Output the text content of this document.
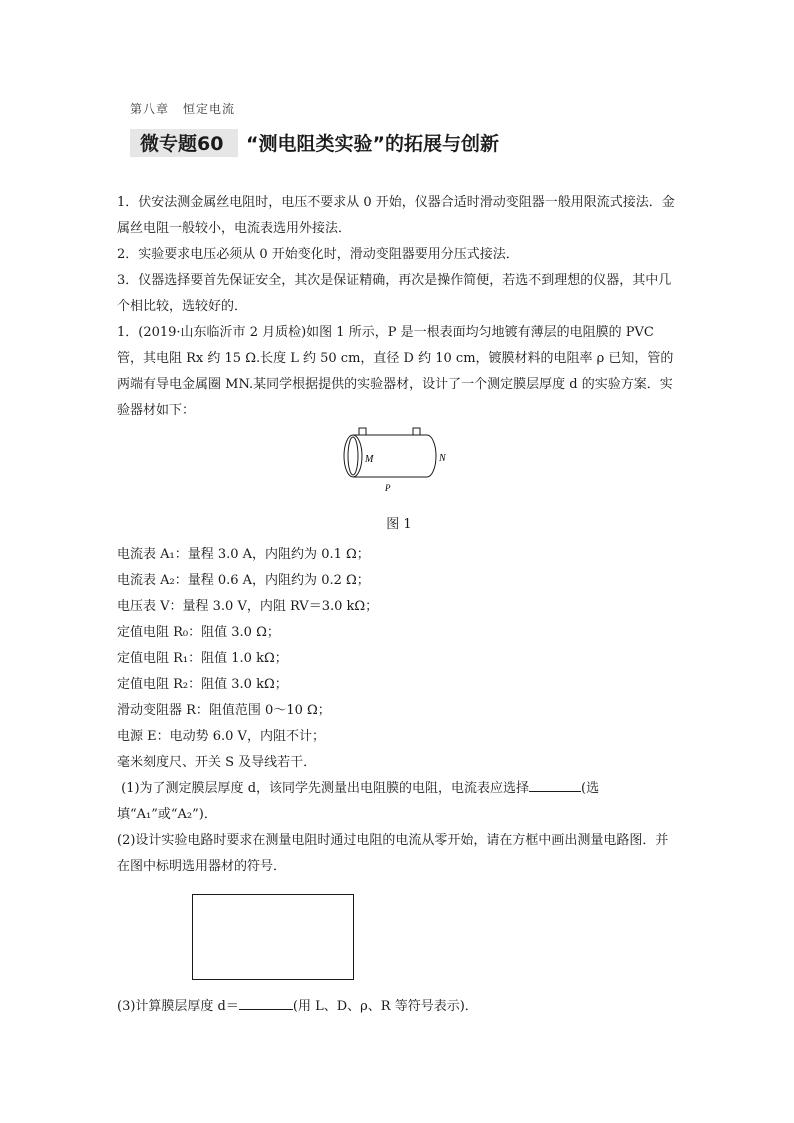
第八章 恒定电流
微专题60	“测电阻类实验”的拓展与创新

1．伏安法测金属丝电阻时，电压不要求从 0 开始，仪器合适时滑动变阻器一般用限流式接法．金属丝电阻一般较小，电流表选用外接法．

2．实验要求电压必须从 0 开始变化时，滑动变阻器要用分压式接法．

3．仪器选择要首先保证安全，其次是保证精确，再次是操作简便，若选不到理想的仪器，其中几个相比较，选较好的．

1．(2019·山东临沂市 2 月质检)如图 1 所示，P 是一根表面均匀地镀有薄层的电阻膜的 PVC 管，其电阻 Rx 约 15 Ω.长度 L 约 50 cm，直径 D 约 10 cm，镀膜材料的电阻率 ρ 已知，管的两端有导电金属圈 MN.某同学根据提供的实验器材，设计了一个测定膜层厚度 d 的实验方案．实验器材如下：

M	N
P
图 1

电流表 A₁：量程 3.0 A，内阻约为 0.1 Ω；

电流表 A₂：量程 0.6 A，内阻约为 0.2 Ω；

电压表 V：量程 3.0 V，内阻 RV＝3.0 kΩ；

定值电阻 R₀：阻值 3.0 Ω；

定值电阻 R₁：阻值 1.0 kΩ；

定值电阻 R₂：阻值 3.0 kΩ；

滑动变阻器 R：阻值范围 0～10 Ω；

电源 E：电动势 6.0 V，内阻不计；

毫米刻度尺、开关 S 及导线若干．

(1)为了测定膜层厚度 d，该同学先测量出电阻膜的电阻，电流表应选择	(选填“A₁”或“A₂”)．

(2)设计实验电路时要求在测量电阻时通过电阻的电流从零开始，请在方框中画出测量电路图．并在图中标明选用器材的符号．

(3)计算膜层厚度 d＝	(用 L、D、ρ、R 等符号表示)．
